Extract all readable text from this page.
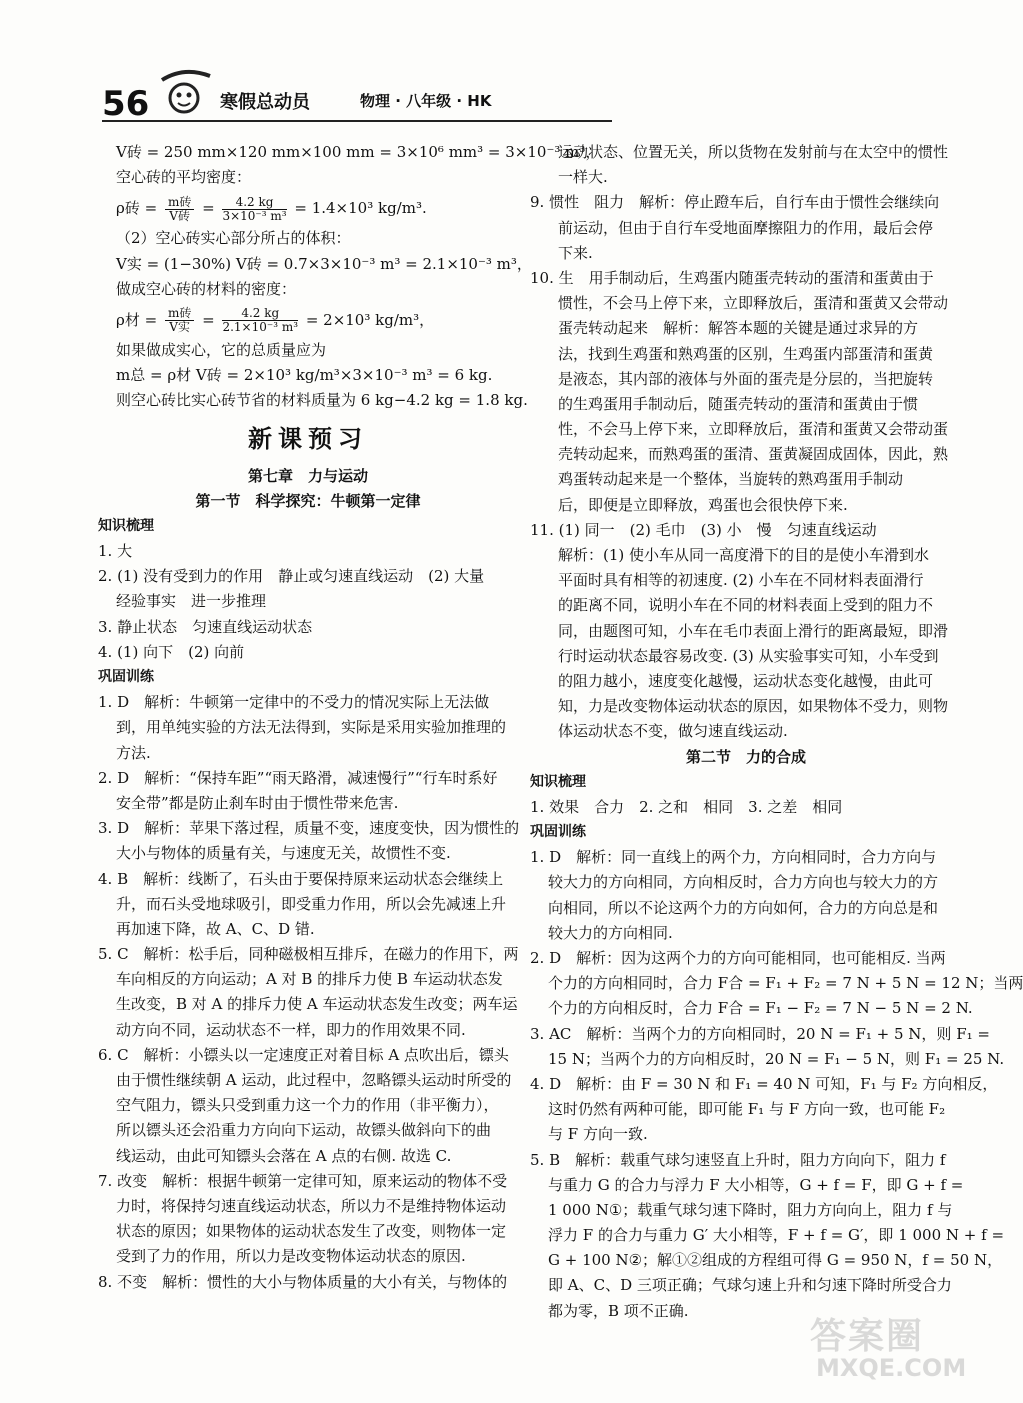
56	寒假总动员	物理 · 八年级 · HK
V砖 = 250 mm×120 mm×100 mm = 3×10⁶ mm³ = 3×10⁻³ m³，
空心砖的平均密度：
ρ砖 = $\frac{\text{m砖}}{\text{V砖}} = \frac{4.2 kg}{\text{3×10⁻³ m³}} = 1.4\times 10^3$ kg/m³.
（2）空心砖实心部分所占的体积：
V实 = (1−30%) V砖 = 0.7×3×10⁻³ m³ = 2.1×10⁻³ m³，
做成空心砖的材料的密度：
ρ材 = $\frac{\text{m砖}}{\text{V实}} = \frac{4.2 kg}{\text{2.1×10⁻³ m³}} = 2\times 10^3$ kg/m³，
如果做成实心，它的总质量应为
m总 = ρ材 V砖 = 2×10³ kg/m³×3×10⁻³ m³ = 6 kg.
则空心砖比实心砖节省的材料质量为 6 kg−4.2 kg = 1.8 kg.
新课预习
第七章　力与运动
第一节　科学探究：牛顿第一定律
知识梳理
1. 大
2. (1) 没有受到力的作用　静止或匀速直线运动　(2) 大量
经验事实　进一步推理
3. 静止状态　匀速直线运动状态
4. (1) 向下　(2) 向前
巩固训练
1. D　解析：牛顿第一定律中的不受力的情况实际上无法做
到，用单纯实验的方法无法得到，实际是采用实验加推理的
方法.
2. D　解析：“保持车距”“雨天路滑，减速慢行”“行车时系好
安全带”都是防止刹车时由于惯性带来危害.
3. D　解析：苹果下落过程，质量不变，速度变快，因为惯性的
大小与物体的质量有关，与速度无关，故惯性不变.
4. B　解析：线断了，石头由于要保持原来运动状态会继续上
升，而石头受地球吸引，即受重力作用，所以会先减速上升
再加速下降，故 A、C、D 错.
5. C　解析：松手后，同种磁极相互排斥，在磁力的作用下，两
车向相反的方向运动；A 对 B 的排斥力使 B 车运动状态发
生改变，B 对 A 的排斥力使 A 车运动状态发生改变；两车运
动方向不同，运动状态不一样，即力的作用效果不同.
6. C　解析：小镖头以一定速度正对着目标 A 点吹出后，镖头
由于惯性继续朝 A 运动，此过程中，忽略镖头运动时所受的
空气阻力，镖头只受到重力这一个力的作用（非平衡力），
所以镖头还会沿重力方向向下运动，故镖头做斜向下的曲
线运动，由此可知镖头会落在 A 点的右侧. 故选 C.
7. 改变　解析：根据牛顿第一定律可知，原来运动的物体不受
力时，将保持匀速直线运动状态，所以力不是维持物体运动
状态的原因；如果物体的运动状态发生了改变，则物体一定
受到了力的作用，所以力是改变物体运动状态的原因.
8. 不变　解析：惯性的大小与物体质量的大小有关，与物体的
运动状态、位置无关，所以货物在发射前与在太空中的惯性
一样大.
9. 惯性　阻力　解析：停止蹬车后，自行车由于惯性会继续向
前运动，但由于自行车受地面摩擦阻力的作用，最后会停
下来.
10. 生　用手制动后，生鸡蛋内随蛋壳转动的蛋清和蛋黄由于
惯性，不会马上停下来，立即释放后，蛋清和蛋黄又会带动
蛋壳转动起来　解析：解答本题的关键是通过求异的方
法，找到生鸡蛋和熟鸡蛋的区别，生鸡蛋内部蛋清和蛋黄
是液态，其内部的液体与外面的蛋壳是分层的，当把旋转
的生鸡蛋用手制动后，随蛋壳转动的蛋清和蛋黄由于惯
性，不会马上停下来，立即释放后，蛋清和蛋黄又会带动蛋
壳转动起来，而熟鸡蛋的蛋清、蛋黄凝固成固体，因此，熟
鸡蛋转动起来是一个整体，当旋转的熟鸡蛋用手制动
后，即便是立即释放，鸡蛋也会很快停下来.
11. (1) 同一　(2) 毛巾　(3) 小　慢　匀速直线运动
解析：(1) 使小车从同一高度滑下的目的是使小车滑到水
平面时具有相等的初速度. (2) 小车在不同材料表面滑行
的距离不同，说明小车在不同的材料表面上受到的阻力不
同，由题图可知，小车在毛巾表面上滑行的距离最短，即滑
行时运动状态最容易改变. (3) 从实验事实可知，小车受到
的阻力越小，速度变化越慢，运动状态变化越慢，由此可
知，力是改变物体运动状态的原因，如果物体不受力，则物
体运动状态不变，做匀速直线运动.
第二节　力的合成
知识梳理
1. 效果　合力　2. 之和　相同　3. 之差　相同
巩固训练
1. D　解析：同一直线上的两个力，方向相同时，合力方向与
较大力的方向相同，方向相反时，合力方向也与较大力的方
向相同，所以不论这两个力的方向如何，合力的方向总是和
较大力的方向相同.
2. D　解析：因为这两个力的方向可能相同，也可能相反. 当两
个力的方向相同时，合力 F合 = F₁ + F₂ = 7 N + 5 N = 12 N；当两
个力的方向相反时，合力 F合 = F₁ − F₂ = 7 N − 5 N = 2 N.
3. AC　解析：当两个力的方向相同时，20 N = F₁ + 5 N，则 F₁ =
15 N；当两个力的方向相反时，20 N = F₁ − 5 N，则 F₁ = 25 N.
4. D　解析：由 F = 30 N 和 F₁ = 40 N 可知，F₁ 与 F₂ 方向相反，
这时仍然有两种可能，即可能 F₁ 与 F 方向一致，也可能 F₂
与 F 方向一致.
5. B　解析：载重气球匀速竖直上升时，阻力方向向下，阻力 f
与重力 G 的合力与浮力 F 大小相等，G + f = F，即 G + f =
1 000 N①；载重气球匀速下降时，阻力方向向上，阻力 f 与
浮力 F 的合力与重力 G′ 大小相等，F + f = G′，即 1 000 N + f =
G + 100 N②；解①②组成的方程组可得 G = 950 N，f = 50 N，
即 A、C、D 三项正确；气球匀速上升和匀速下降时所受合力
都为零，B 项不正确.
答案圈
MXQE.COM
